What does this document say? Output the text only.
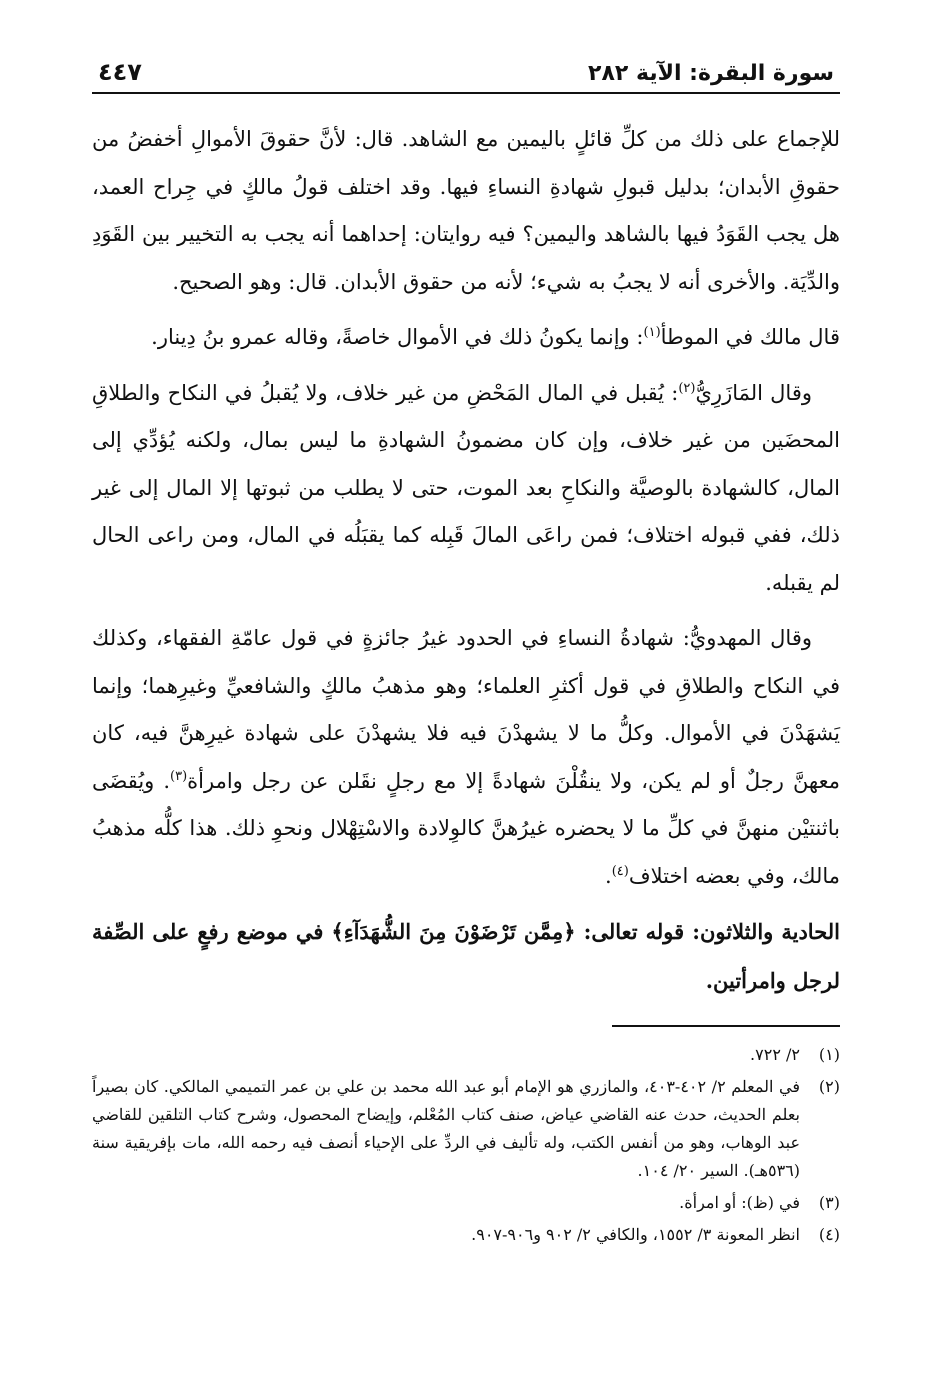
سورة البقرة: الآية ٢٨٢
٤٤٧

للإجماع على ذلك من كلِّ قائلٍ باليمين مع الشاهد. قال: لأنَّ حقوقَ الأموالِ أخفضُ من حقوقِ الأبدان؛ بدليل قبولِ شهادةِ النساءِ فيها. وقد اختلف قولُ مالكٍ في جِراح العمد، هل يجب القَوَدُ فيها بالشاهد واليمين؟ فيه روايتان: إحداهما أنه يجب به التخيير بين القَوَدِ والدِّيَة. والأخرى أنه لا يجبُ به شيء؛ لأنه من حقوق الأبدان. قال: وهو الصحيح.

قال مالك في الموطأ$^{(١)}$: وإنما يكونُ ذلك في الأموال خاصةً، وقاله عمرو بنُ دِينار.

وقال المَازَرِيُّ$^{(٢)}$: يُقبل في المال المَحْضِ من غير خلاف، ولا يُقبلُ في النكاح والطلاقِ المحضَين من غير خلاف، وإن كان مضمونُ الشهادةِ ما ليس بمال، ولكنه يُؤدِّي إلى المال، كالشهادة بالوصيَّة والنكاحِ بعد الموت، حتى لا يطلب من ثبوتها إلا المال إلى غير ذلك، ففي قبوله اختلاف؛ فمن راعَى المالَ قَبِله كما يقبَلُه في المال، ومن راعى الحال لم يقبله.

وقال المهدويُّ: شهادةُ النساءِ في الحدود غيرُ جائزةٍ في قول عامّةِ الفقهاء، وكذلك في النكاح والطلاقِ في قول أكثرِ العلماء؛ وهو مذهبُ مالكٍ والشافعيِّ وغيرِهما؛ وإنما يَشهَدْنَ في الأموال. وكلُّ ما لا يشهدْنَ فيه فلا يشهدْنَ على شهادة غيرِهنَّ فيه، كان معهنَّ رجلٌ أو لم يكن، ولا ينقُلْنَ شهادةً إلا مع رجلٍ نقَلن عن رجل وامرأة$^{(٣)}$. ويُقضَى باثنتيْن منهنَّ في كلِّ ما لا يحضره غيرُهنَّ كالوِلادة والاسْتِهْلال ونحوِ ذلك. هذا كلُّه مذهبُ مالك، وفي بعضه اختلاف$^{(٤)}$.

الحادية والثلاثون: قوله تعالى: ﴿مِمَّن تَرْضَوْنَ مِنَ الشُّهَدَآءِ﴾ في موضع رفعٍ على الصِّفة لرجل وامرأتين.

(١)
٢/ ٧٢٢.
(٢)
في المعلم ٢/ ٤٠٢-٤٠٣، والمازري هو الإمام أبو عبد الله محمد بن علي بن عمر التميمي المالكي. كان بصيراً بعلم الحديث، حدث عنه القاضي عياض، صنف كتاب المُعْلم، وإيضاح المحصول، وشرح كتاب التلقين للقاضي عبد الوهاب، وهو من أنفس الكتب، وله تأليف في الردِّ على الإحياء أنصف فيه رحمه الله، مات بإفريقية سنة (٥٣٦هـ). السير ٢٠/ ١٠٤.
(٣)
في (ظ): أو امرأة.
(٤)
انظر المعونة ٣/ ١٥٥٢، والكافي ٢/ ٩٠٢ و٩٠٦-٩٠٧.
